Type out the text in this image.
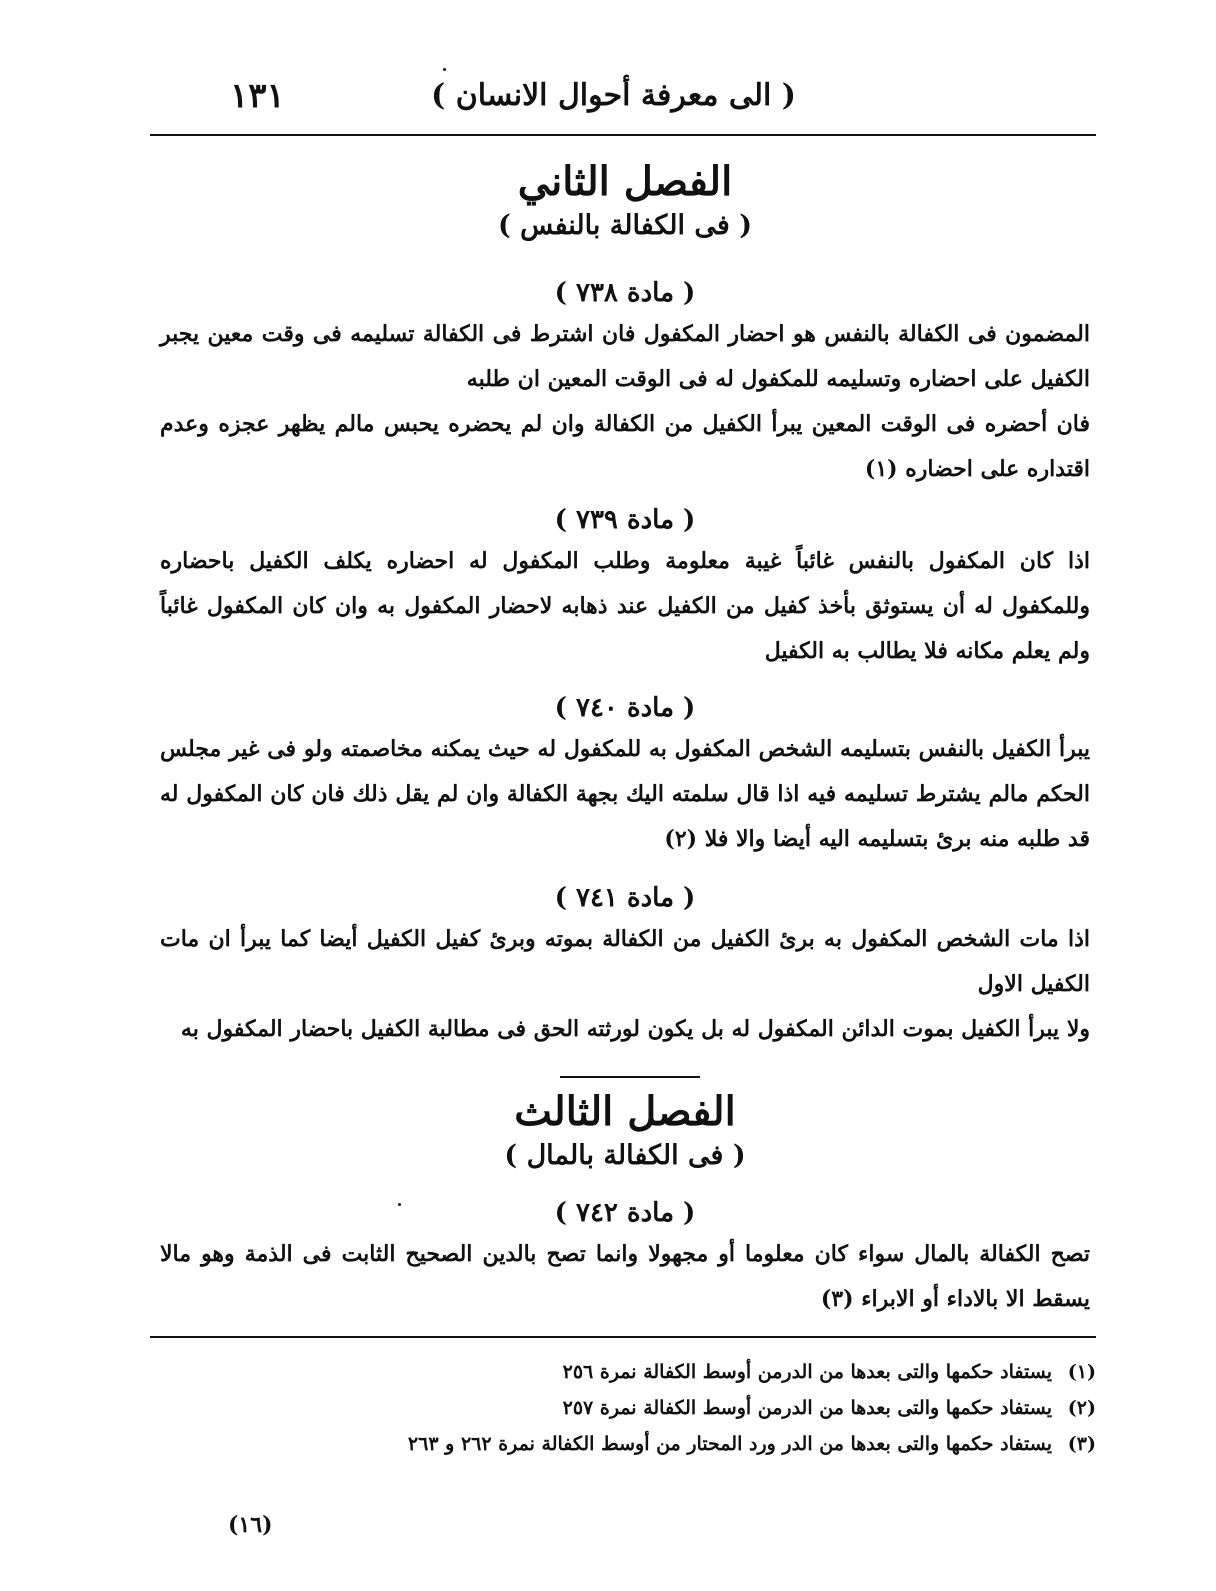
( الى معرفة أحوال الانسان )
١٣١
الفصل الثاني
( فى الكفالة بالنفس )
( مادة ٧٣٨ )
المضمون فى الكفالة بالنفس هو احضار المكفول فان اشترط فى الكفالة تسليمه فى وقت معين يجبر الكفيل على احضاره وتسليمه للمكفول له فى الوقت المعين ان طلبه
فان أحضره فى الوقت المعين يبرأ الكفيل من الكفالة وان لم يحضره يحبس مالم يظهر عجزه وعدم اقتداره على احضاره (١)
( مادة ٧٣٩ )
اذا كان المكفول بالنفس غائباً غيبة معلومة وطلب المكفول له احضاره يكلف الكفيل باحضاره وللمكفول له أن يستوثق بأخذ كفيل من الكفيل عند ذهابه لاحضار المكفول به وان كان المكفول غائباً ولم يعلم مكانه فلا يطالب به الكفيل
( مادة ٧٤٠ )
يبرأ الكفيل بالنفس بتسليمه الشخص المكفول به للمكفول له حيث يمكنه مخاصمته ولو فى غير مجلس الحكم مالم يشترط تسليمه فيه اذا قال سلمته اليك بجهة الكفالة وان لم يقل ذلك فان كان المكفول له قد طلبه منه برئ بتسليمه اليه أيضا والا فلا (٢)
( مادة ٧٤١ )
اذا مات الشخص المكفول به برئ الكفيل من الكفالة بموته وبرئ كفيل الكفيل أيضا كما يبرأ ان مات الكفيل الاول
ولا يبرأ الكفيل بموت الدائن المكفول له بل يكون لورثته الحق فى مطالبة الكفيل باحضار المكفول به
الفصل الثالث
( فى الكفالة بالمال )
( مادة ٧٤٢ )
تصح الكفالة بالمال سواء كان معلوما أو مجهولا وانما تصح بالدين الصحيح الثابت فى الذمة وهو مالا يسقط الا بالاداء أو الابراء (٣)
(١)
يستفاد حكمها والتى بعدها من الدرمن أوسط الكفالة نمرة ٢٥٦
(٢)
يستفاد حكمها والتى بعدها من الدرمن أوسط الكفالة نمرة ٢٥٧
(٣)
يستفاد حكمها والتى بعدها من الدر ورد المحتار من أوسط الكفالة نمرة ٢٦٢ و ٢٦٣
(١٦)
